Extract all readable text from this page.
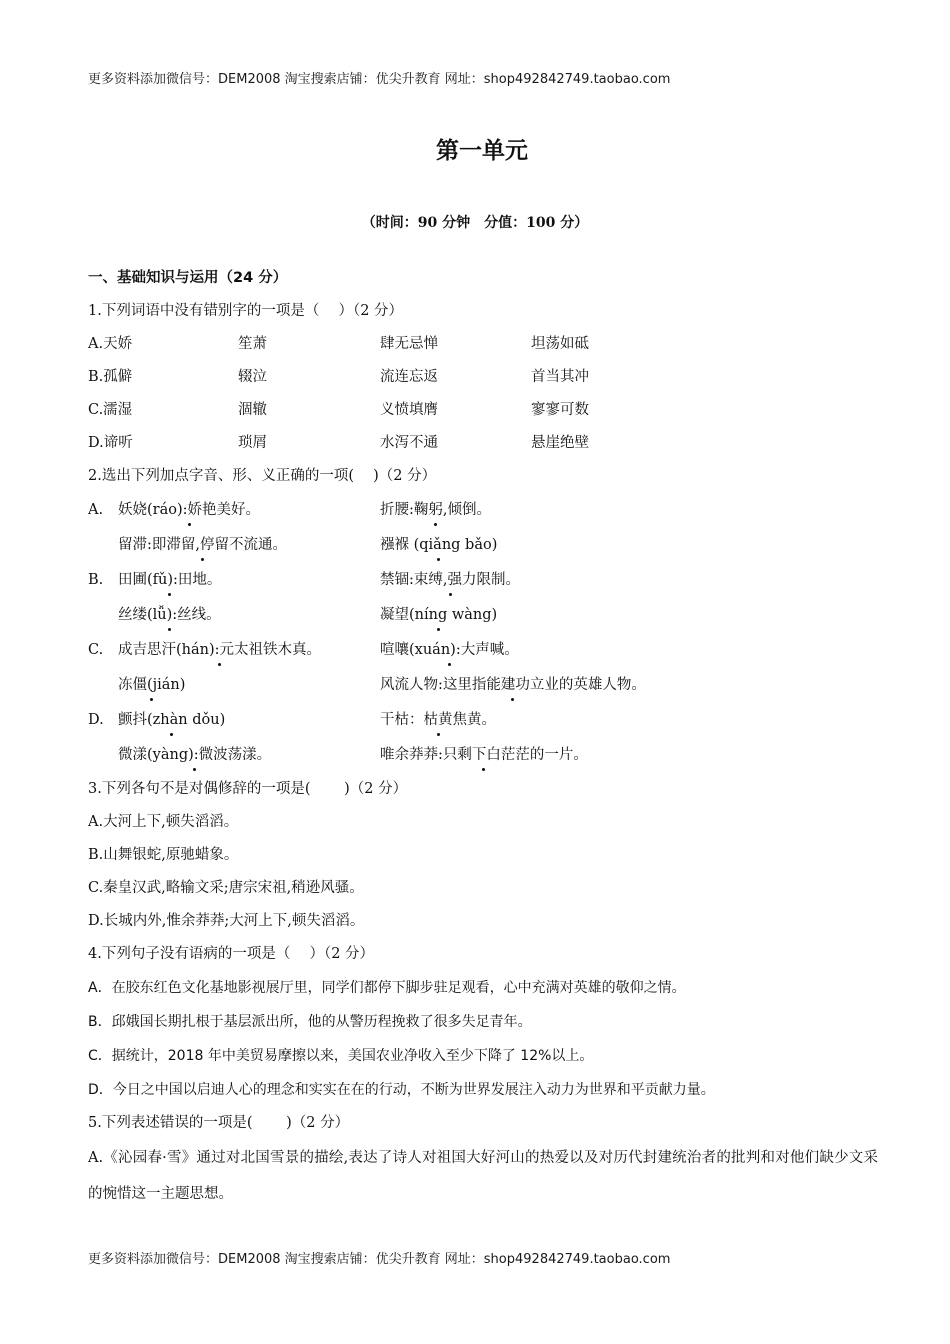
更多资料添加微信号：DEM2008 淘宝搜索店铺：优尖升教育 网址：shop492842749.taobao.com
第一单元
（时间：90 分钟　分值：100 分）
一、基础知识与运用（24 分）
1.下列词语中没有错别字的一项是（　 ）（2 分）
A.天娇	笙萧	肆无忌惮	坦荡如砥
B.孤僻	辍泣	流连忘返	首当其冲
C.濡湿	涸辙	义愤填膺	寥寥可数
D.谛听	琐屑	水泻不通	悬崖绝壁
2.选出下列加点字音、形、义正确的一项(　 )（2 分）
A. 妖娆(ráo):娇艳美好。	折腰:鞠躬,倾倒。
留滞:即滞留,停留不流通。	襁褓 (qiǎng bǎo)
B. 田圃(fǔ):田地。	禁锢:束缚,强力限制。
丝缕(lǚ):丝线。	凝望(níng wàng)
C. 成吉思汗(hán):元太祖铁木真。	喧嚷(xuán):大声喊。
冻僵(jián)	风流人物:这里指能建功立业的英雄人物。
D. 颤抖(zhàn dǒu)	干枯：枯黄焦黄。
微漾(yàng):微波荡漾。	唯余莽莽:只剩下白茫茫的一片。
3.下列各句不是对偶修辞的一项是(　 　)（2 分）
A.大河上下,顿失滔滔。
B.山舞银蛇,原驰蜡象。
C.秦皇汉武,略输文采;唐宗宋祖,稍逊风骚。
D.长城内外,惟余莽莽;大河上下,顿失滔滔。
4.下列句子没有语病的一项是（　 ）（2 分）
A．在胶东红色文化基地影视展厅里，同学们都停下脚步驻足观看，心中充满对英雄的敬仰之情。
B．邱娥国长期扎根于基层派出所，他的从警历程挽救了很多失足青年。
C．据统计，2018 年中美贸易摩擦以来，美国农业净收入至少下降了 12%以上。
D．今日之中国以启迪人心的理念和实实在在的行动，不断为世界发展注入动力为世界和平贡献力量。
5.下列表述错误的一项是(　 　)（2 分）
A.《沁园春·雪》通过对北国雪景的描绘,表达了诗人对祖国大好河山的热爱以及对历代封建统治者的批判和对他们缺少文采的惋惜这一主题思想。
更多资料添加微信号：DEM2008 淘宝搜索店铺：优尖升教育 网址：shop492842749.taobao.com
